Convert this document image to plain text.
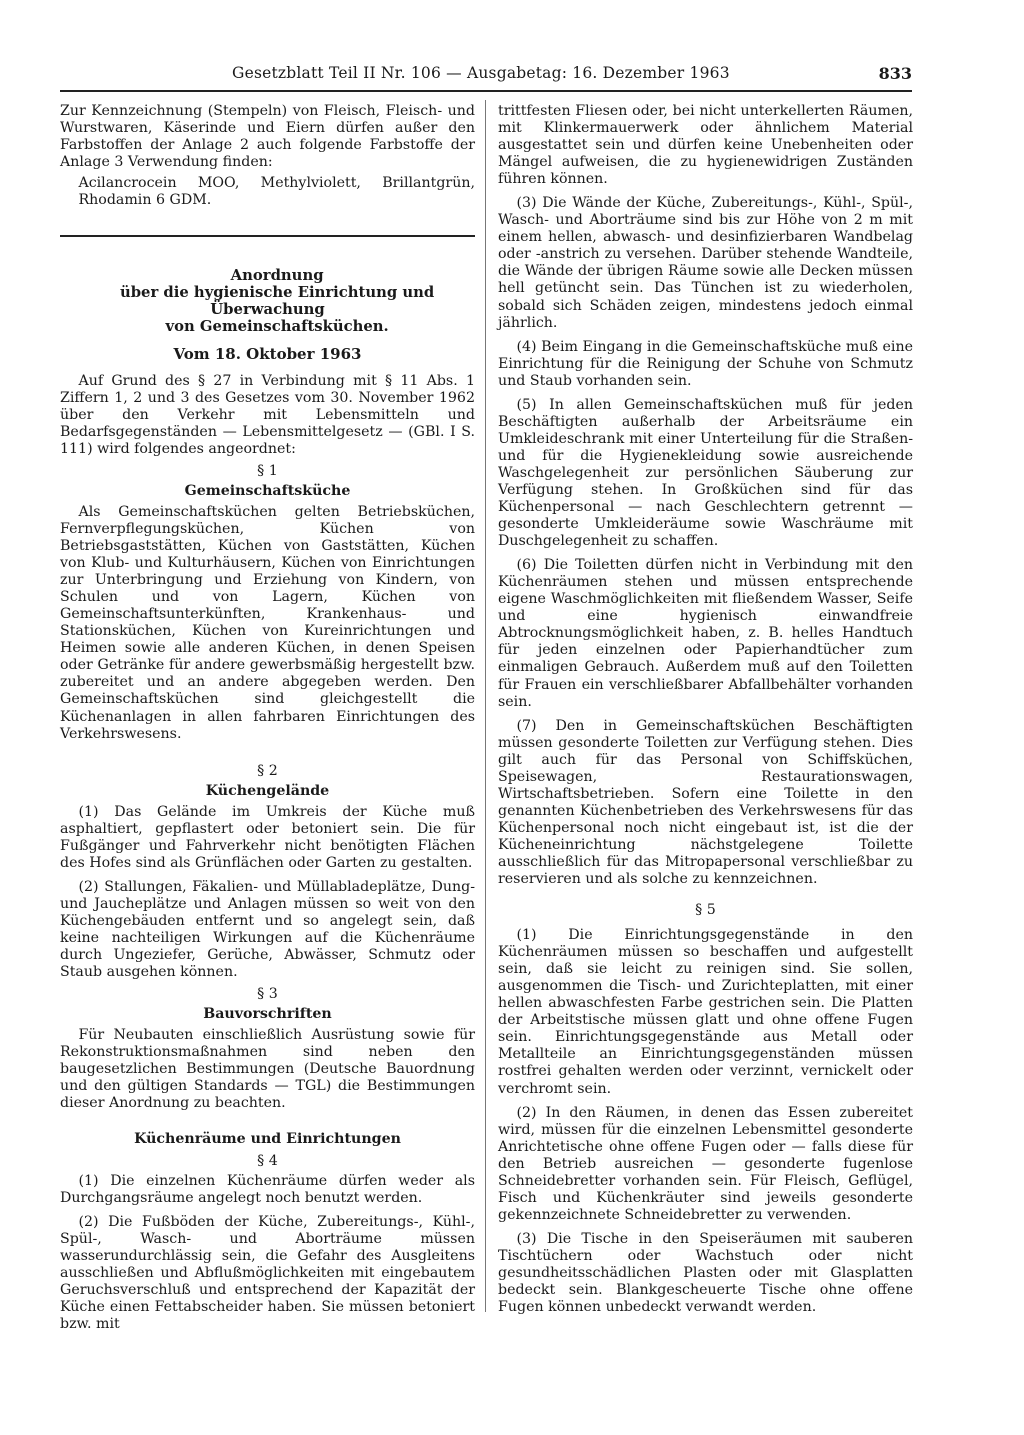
Gesetzblatt Teil II Nr. 106 — Ausgabetag: 16. Dezember 1963	833

Zur Kennzeichnung (Stempeln) von Fleisch, Fleisch- und Wurstwaren, Käserinde und Eiern dürfen außer den Farbstoffen der Anlage 2 auch folgende Farbstoffe der Anlage 3 Verwendung finden:

Acilancrocein MOO, Methylviolett, Brillantgrün, Rhodamin 6 GDM.

Anordnung

über die hygienische Einrichtung und Überwachung

von Gemeinschaftsküchen.

Vom 18. Oktober 1963

Auf Grund des § 27 in Verbindung mit § 11 Abs. 1 Ziffern 1, 2 und 3 des Gesetzes vom 30. November 1962 über den Verkehr mit Lebensmitteln und Bedarfsgegenständen — Lebensmittelgesetz — (GBl. I S. 111) wird folgendes angeordnet:

§ 1
Gemeinschaftsküche

Als Gemeinschaftsküchen gelten Betriebsküchen, Fernverpflegungsküchen, Küchen von Betriebsgaststätten, Küchen von Gaststätten, Küchen von Klub- und Kulturhäusern, Küchen von Einrichtungen zur Unterbringung und Erziehung von Kindern, von Schulen und von Lagern, Küchen von Gemeinschaftsunterkünften, Krankenhaus- und Stationsküchen, Küchen von Kureinrichtungen und Heimen sowie alle anderen Küchen, in denen Speisen oder Getränke für andere gewerbsmäßig hergestellt bzw. zubereitet und an andere abgegeben werden. Den Gemeinschaftsküchen sind gleichgestellt die Küchenanlagen in allen fahrbaren Einrichtungen des Verkehrswesens.

§ 2
Küchengelände

(1) Das Gelände im Umkreis der Küche muß asphaltiert, gepflastert oder betoniert sein. Die für Fußgänger und Fahrverkehr nicht benötigten Flächen des Hofes sind als Grünflächen oder Garten zu gestalten.

(2) Stallungen, Fäkalien- und Müllabladeplätze, Dung- und Jaucheplätze und Anlagen müssen so weit von den Küchengebäuden entfernt und so angelegt sein, daß keine nachteiligen Wirkungen auf die Küchenräume durch Ungeziefer, Gerüche, Abwässer, Schmutz oder Staub ausgehen können.

§ 3
Bauvorschriften

Für Neubauten einschließlich Ausrüstung sowie für Rekonstruktionsmaßnahmen sind neben den baugesetzlichen Bestimmungen (Deutsche Bauordnung und den gültigen Standards — TGL) die Bestimmungen dieser Anordnung zu beachten.

Küchenräume und Einrichtungen
§ 4

(1) Die einzelnen Küchenräume dürfen weder als Durchgangsräume angelegt noch benutzt werden.

(2) Die Fußböden der Küche, Zubereitungs-, Kühl-, Spül-, Wasch- und Aborträume müssen wasserundurchlässig sein, die Gefahr des Ausgleitens ausschließen und Abflußmöglichkeiten mit eingebautem Geruchsverschluß und entsprechend der Kapazität der Küche einen Fettabscheider haben. Sie müssen betoniert bzw. mit

trittfesten Fliesen oder, bei nicht unterkellerten Räumen, mit Klinkermauerwerk oder ähnlichem Material ausgestattet sein und dürfen keine Unebenheiten oder Mängel aufweisen, die zu hygienewidrigen Zuständen führen können.

(3) Die Wände der Küche, Zubereitungs-, Kühl-, Spül-, Wasch- und Aborträume sind bis zur Höhe von 2 m mit einem hellen, abwasch- und desinfizierbaren Wandbelag oder -anstrich zu versehen. Darüber stehende Wandteile, die Wände der übrigen Räume sowie alle Decken müssen hell getüncht sein. Das Tünchen ist zu wiederholen, sobald sich Schäden zeigen, mindestens jedoch einmal jährlich.

(4) Beim Eingang in die Gemeinschaftsküche muß eine Einrichtung für die Reinigung der Schuhe von Schmutz und Staub vorhanden sein.

(5) In allen Gemeinschaftsküchen muß für jeden Beschäftigten außerhalb der Arbeitsräume ein Umkleideschrank mit einer Unterteilung für die Straßen- und für die Hygienekleidung sowie ausreichende Waschgelegenheit zur persönlichen Säuberung zur Verfügung stehen. In Großküchen sind für das Küchenpersonal — nach Geschlechtern getrennt — gesonderte Umkleideräume sowie Waschräume mit Duschgelegenheit zu schaffen.

(6) Die Toiletten dürfen nicht in Verbindung mit den Küchenräumen stehen und müssen entsprechende eigene Waschmöglichkeiten mit fließendem Wasser, Seife und eine hygienisch einwandfreie Abtrocknungsmöglichkeit haben, z. B. helles Handtuch für jeden einzelnen oder Papierhandtücher zum einmaligen Gebrauch. Außerdem muß auf den Toiletten für Frauen ein verschließbarer Abfallbehälter vorhanden sein.

(7) Den in Gemeinschaftsküchen Beschäftigten müssen gesonderte Toiletten zur Verfügung stehen. Dies gilt auch für das Personal von Schiffsküchen, Speisewagen, Restaurationswagen, Wirtschaftsbetrieben. Sofern eine Toilette in den genannten Küchenbetrieben des Verkehrswesens für das Küchenpersonal noch nicht eingebaut ist, ist die der Kücheneinrichtung nächstgelegene Toilette ausschließlich für das Mitropapersonal verschließbar zu reservieren und als solche zu kennzeichnen.

§ 5

(1) Die Einrichtungsgegenstände in den Küchenräumen müssen so beschaffen und aufgestellt sein, daß sie leicht zu reinigen sind. Sie sollen, ausgenommen die Tisch- und Zurichteplatten, mit einer hellen abwaschfesten Farbe gestrichen sein. Die Platten der Arbeitstische müssen glatt und ohne offene Fugen sein. Einrichtungsgegenstände aus Metall oder Metallteile an Einrichtungsgegenständen müssen rostfrei gehalten werden oder verzinnt, vernickelt oder verchromt sein.

(2) In den Räumen, in denen das Essen zubereitet wird, müssen für die einzelnen Lebensmittel gesonderte Anrichtetische ohne offene Fugen oder — falls diese für den Betrieb ausreichen — gesonderte fugenlose Schneidebretter vorhanden sein. Für Fleisch, Geflügel, Fisch und Küchenkräuter sind jeweils gesonderte gekennzeichnete Schneidebretter zu verwenden.

(3) Die Tische in den Speiseräumen mit sauberen Tischtüchern oder Wachstuch oder nicht gesundheitsschädlichen Plasten oder mit Glasplatten bedeckt sein. Blankgescheuerte Tische ohne offene Fugen können unbedeckt verwandt werden.
